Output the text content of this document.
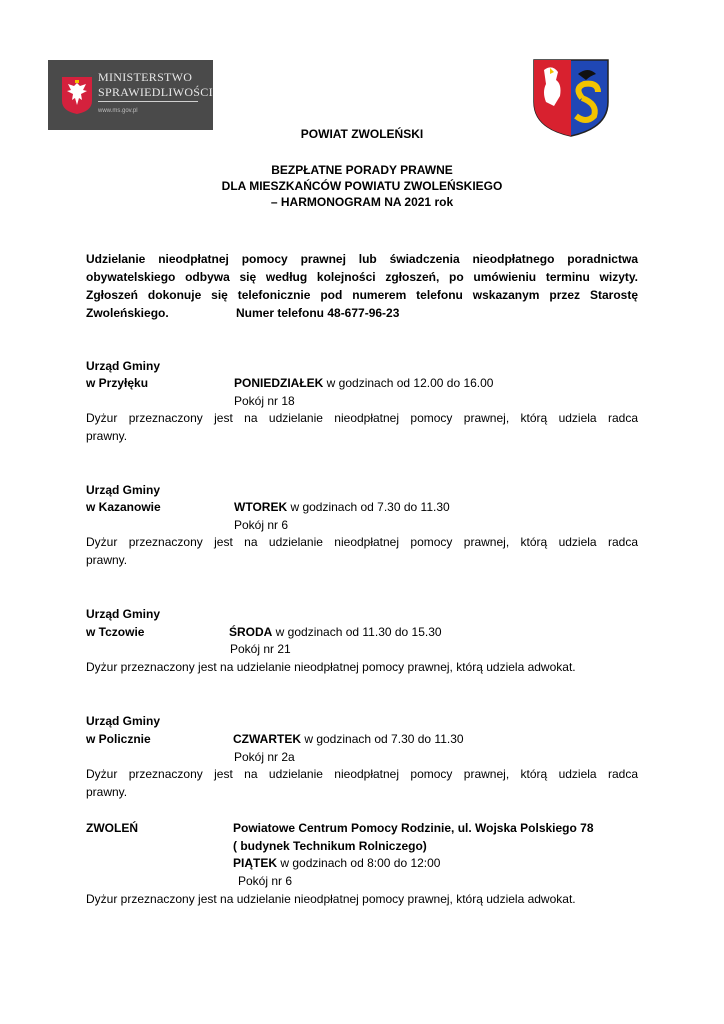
MINISTERSTWO
SPRAWIEDLIWOŚCI
www.ms.gov.pl
POWIAT ZWOLEŃSKI
BEZPŁATNE PORADY PRAWNE
DLA MIESZKAŃCÓW POWIATU ZWOLEŃSKIEGO
– HARMONOGRAM NA 2021 rok
Udzielanie nieodpłatnej pomocy prawnej lub świadczenia nieodpłatnego poradnictwa
obywatelskiego odbywa się według kolejności zgłoszeń, po umówieniu terminu wizyty.
Zgłoszeń dokonuje się telefonicznie pod numerem telefonu wskazanym przez Starostę
Zwoleńskiego.	Numer telefonu 48-677-96-23
Urząd Gminy
w Przyłęku	PONIEDZIAŁEK w godzinach od 12.00 do 16.00
Pokój nr 18
Dyżur przeznaczony jest na udzielanie nieodpłatnej pomocy prawnej, którą udziela radca
prawny.
Urząd Gminy
w Kazanowie	WTOREK w godzinach od 7.30 do 11.30
Pokój nr 6
Dyżur przeznaczony jest na udzielanie nieodpłatnej pomocy prawnej, którą udziela radca
prawny.
Urząd Gminy
w Tczowie	ŚRODA w godzinach od 11.30 do 15.30
Pokój nr 21
Dyżur przeznaczony jest na udzielanie nieodpłatnej pomocy prawnej, którą udziela adwokat.
Urząd Gminy
w Policznie	CZWARTEK w godzinach od 7.30 do 11.30
Pokój nr 2a
Dyżur przeznaczony jest na udzielanie nieodpłatnej pomocy prawnej, którą udziela radca
prawny.
ZWOLEŃ	Powiatowe Centrum Pomocy Rodzinie, ul. Wojska Polskiego 78
( budynek Technikum Rolniczego)
PIĄTEK w godzinach od 8:00 do 12:00
Pokój nr 6
Dyżur przeznaczony jest na udzielanie nieodpłatnej pomocy prawnej, którą udziela adwokat.
